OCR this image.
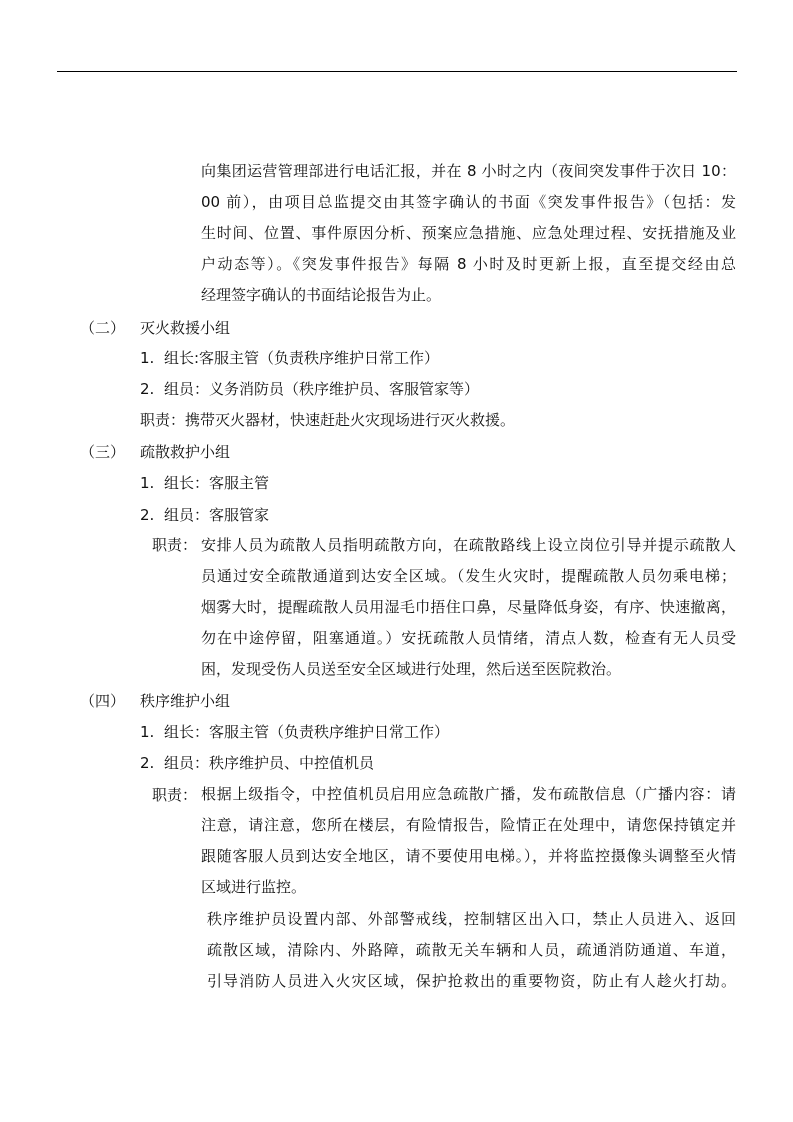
向集团运营管理部进行电话汇报，并在 8 小时之内（夜间突发事件于次日 10：
00 前），由项目总监提交由其签字确认的书面《突发事件报告》（包括：发
生时间、位置、事件原因分析、预案应急措施、应急处理过程、安抚措施及业
户动态等）。《突发事件报告》每隔 8 小时及时更新上报，直至提交经由总
经理签字确认的书面结论报告为止。
（二） 灭火救援小组
1. 组长:客服主管（负责秩序维护日常工作）
2. 组员：义务消防员（秩序维护员、客服管家等）
职责：携带灭火器材，快速赶赴火灾现场进行灭火救援。
（三） 疏散救护小组
1. 组长：客服主管
2. 组员：客服管家
职责： 安排人员为疏散人员指明疏散方向，在疏散路线上设立岗位引导并提示疏散人
员通过安全疏散通道到达安全区域。（发生火灾时，提醒疏散人员勿乘电梯；
烟雾大时，提醒疏散人员用湿毛巾捂住口鼻，尽量降低身姿，有序、快速撤离，
勿在中途停留，阻塞通道。）安抚疏散人员情绪，清点人数，检查有无人员受
困，发现受伤人员送至安全区域进行处理，然后送至医院救治。
（四） 秩序维护小组
1. 组长：客服主管（负责秩序维护日常工作）
2. 组员：秩序维护员、中控值机员
职责： 根据上级指令，中控值机员启用应急疏散广播，发布疏散信息（广播内容：请
注意，请注意，您所在楼层，有险情报告，险情正在处理中，请您保持镇定并
跟随客服人员到达安全地区，请不要使用电梯。），并将监控摄像头调整至火情
区域进行监控。
秩序维护员设置内部、外部警戒线，控制辖区出入口，禁止人员进入、返回
疏散区域，清除内、外路障，疏散无关车辆和人员，疏通消防通道、车道，
引导消防人员进入火灾区域，保护抢救出的重要物资，防止有人趁火打劫。
